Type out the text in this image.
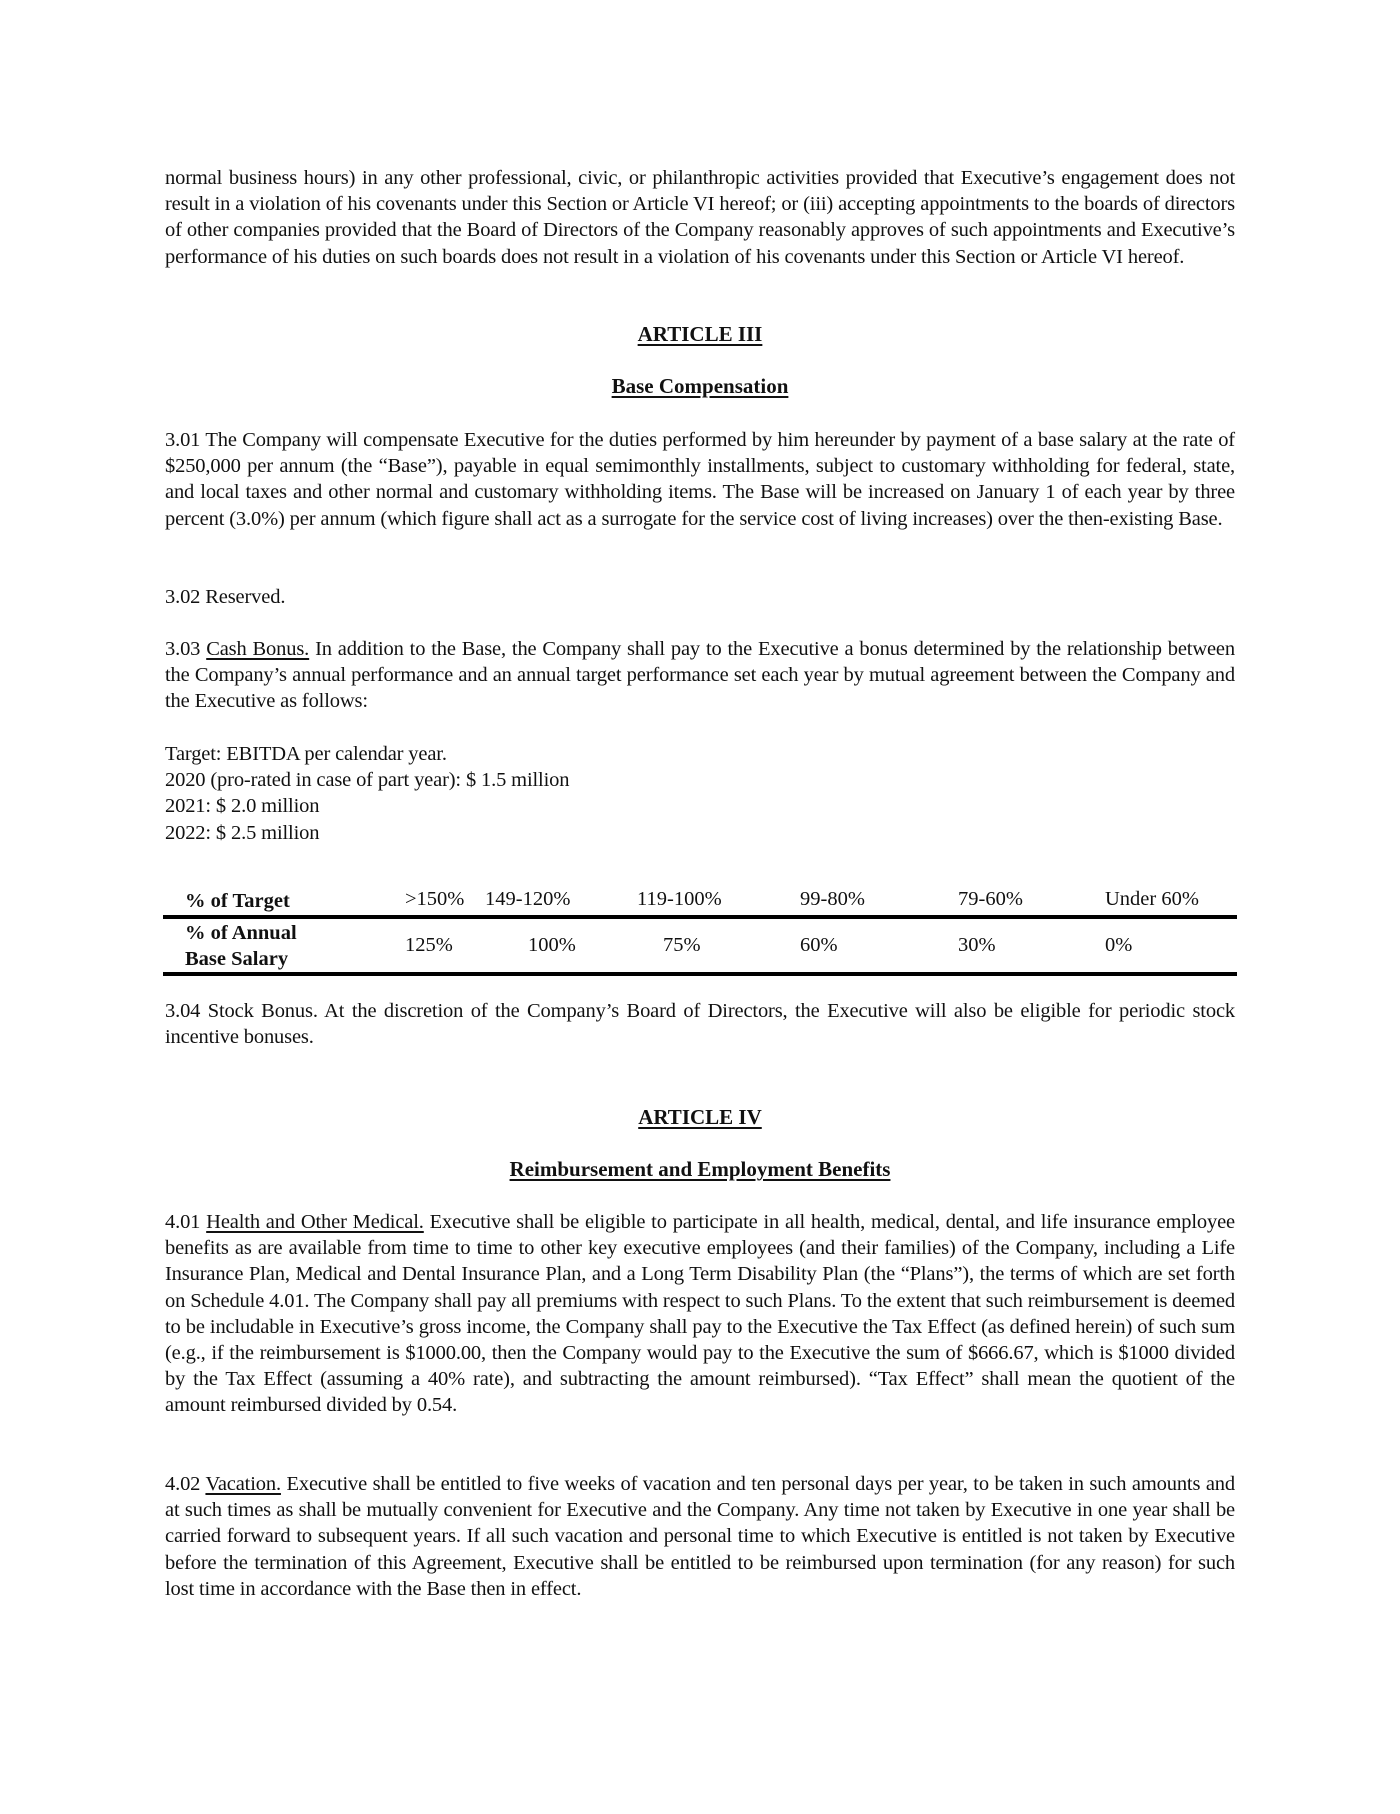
normal business hours) in any other professional, civic, or philanthropic activities provided that Executive’s engagement does not result in a violation of his covenants under this Section or Article VI hereof; or (iii) accepting appointments to the boards of directors of other companies provided that the Board of Directors of the Company reasonably approves of such appointments and Executive’s performance of his duties on such boards does not result in a violation of his covenants under this Section or Article VI hereof.

ARTICLE III
Base Compensation

3.01 The Company will compensate Executive for the duties performed by him hereunder by payment of a base salary at the rate of $250,000 per annum (the “Base”), payable in equal semimonthly installments, subject to customary withholding for federal, state, and local taxes and other normal and customary withholding items. The Base will be increased on January 1 of each year by three percent (3.0%) per annum (which figure shall act as a surrogate for the service cost of living increases) over the then-existing Base.

3.02 Reserved.

3.03 Cash Bonus. In addition to the Base, the Company shall pay to the Executive a bonus determined by the relationship between the Company’s annual performance and an annual target performance set each year by mutual agreement between the Company and the Executive as follows:

Target: EBITDA per calendar year.
2020 (pro-rated in case of part year): $ 1.5 million
2021: $ 2.0 million
2022: $ 2.5 million
% of Target	>150% 149-120%	119-100%	99-80%	79-60%	Under 60%
% of Annual
Base Salary
125%	100%	75%	60%	30%	0%

3.04 Stock Bonus. At the discretion of the Company’s Board of Directors, the Executive will also be eligible for periodic stock incentive bonuses.

ARTICLE IV
Reimbursement and Employment Benefits

4.01 Health and Other Medical. Executive shall be eligible to participate in all health, medical, dental, and life insurance employee benefits as are available from time to time to other key executive employees (and their families) of the Company, including a Life Insurance Plan, Medical and Dental Insurance Plan, and a Long Term Disability Plan (the “Plans”), the terms of which are set forth on Schedule 4.01. The Company shall pay all premiums with respect to such Plans. To the extent that such reimbursement is deemed to be includable in Executive’s gross income, the Company shall pay to the Executive the Tax Effect (as defined herein) of such sum (e.g., if the reimbursement is $1000.00, then the Company would pay to the Executive the sum of $666.67, which is $1000 divided by the Tax Effect (assuming a 40% rate), and subtracting the amount reimbursed). “Tax Effect” shall mean the quotient of the amount reimbursed divided by 0.54.

4.02 Vacation. Executive shall be entitled to five weeks of vacation and ten personal days per year, to be taken in such amounts and at such times as shall be mutually convenient for Executive and the Company. Any time not taken by Executive in one year shall be carried forward to subsequent years. If all such vacation and personal time to which Executive is entitled is not taken by Executive before the termination of this Agreement, Executive shall be entitled to be reimbursed upon termination (for any reason) for such lost time in accordance with the Base then in effect.
